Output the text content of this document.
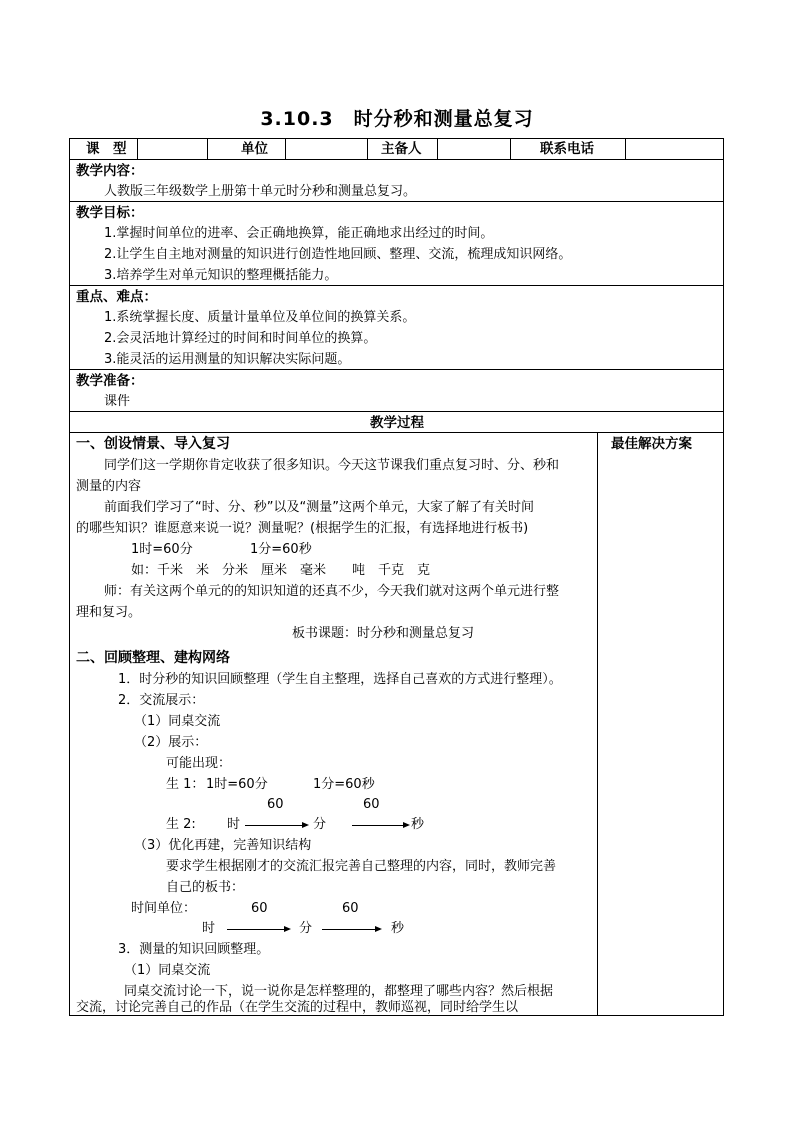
3.10.3　时分秒和测量总复习
课　型	单位	主备人	联系电话
教学内容：
人教版三年级数学上册第十单元时分秒和测量总复习。
教学目标：
1.掌握时间单位的进率、会正确地换算，能正确地求出经过的时间。
2.让学生自主地对测量的知识进行创造性地回顾、整理、交流，梳理成知识网络。
3.培养学生对单元知识的整理概括能力。
重点、难点：
1.系统掌握长度、质量计量单位及单位间的换算关系。
2.会灵活地计算经过的时间和时间单位的换算。
3.能灵活的运用测量的知识解决实际问题。
教学准备：
课件
教学过程
最佳解决方案
一、创设情景、导入复习
同学们这一学期你肯定收获了很多知识。今天这节课我们重点复习时、分、秒和
测量的内容
前面我们学习了“时、分、秒”以及“测量”这两个单元，大家了解了有关时间
的哪些知识？谁愿意来说一说？测量呢？(根据学生的汇报，有选择地进行板书)
1时=60分	1分=60秒
如：千米　米　分米　厘米　毫米　　吨　千克　克
师：有关这两个单元的的知识知道的还真不少，今天我们就对这两个单元进行整
理和复习。
板书课题：时分秒和测量总复习
二、回顾整理、建构网络
1．时分秒的知识回顾整理（学生自主整理，选择自己喜欢的方式进行整理）。
2．交流展示：
（1）同桌交流
（2）展示：
可能出现：
生 1： 1时=60分	1分=60秒
60	60
生 2: 时	分	秒
（3）优化再建，完善知识结构
要求学生根据刚才的交流汇报完善自己整理的内容，同时，教师完善
自己的板书：
时间单位：	60	60
时	分	秒
3．测量的知识回顾整理。
（1）同桌交流
同桌交流讨论一下，说一说你是怎样整理的，都整理了哪些内容？然后根据
交流，讨论完善自己的作品（在学生交流的过程中，教师巡视，同时给学生以
